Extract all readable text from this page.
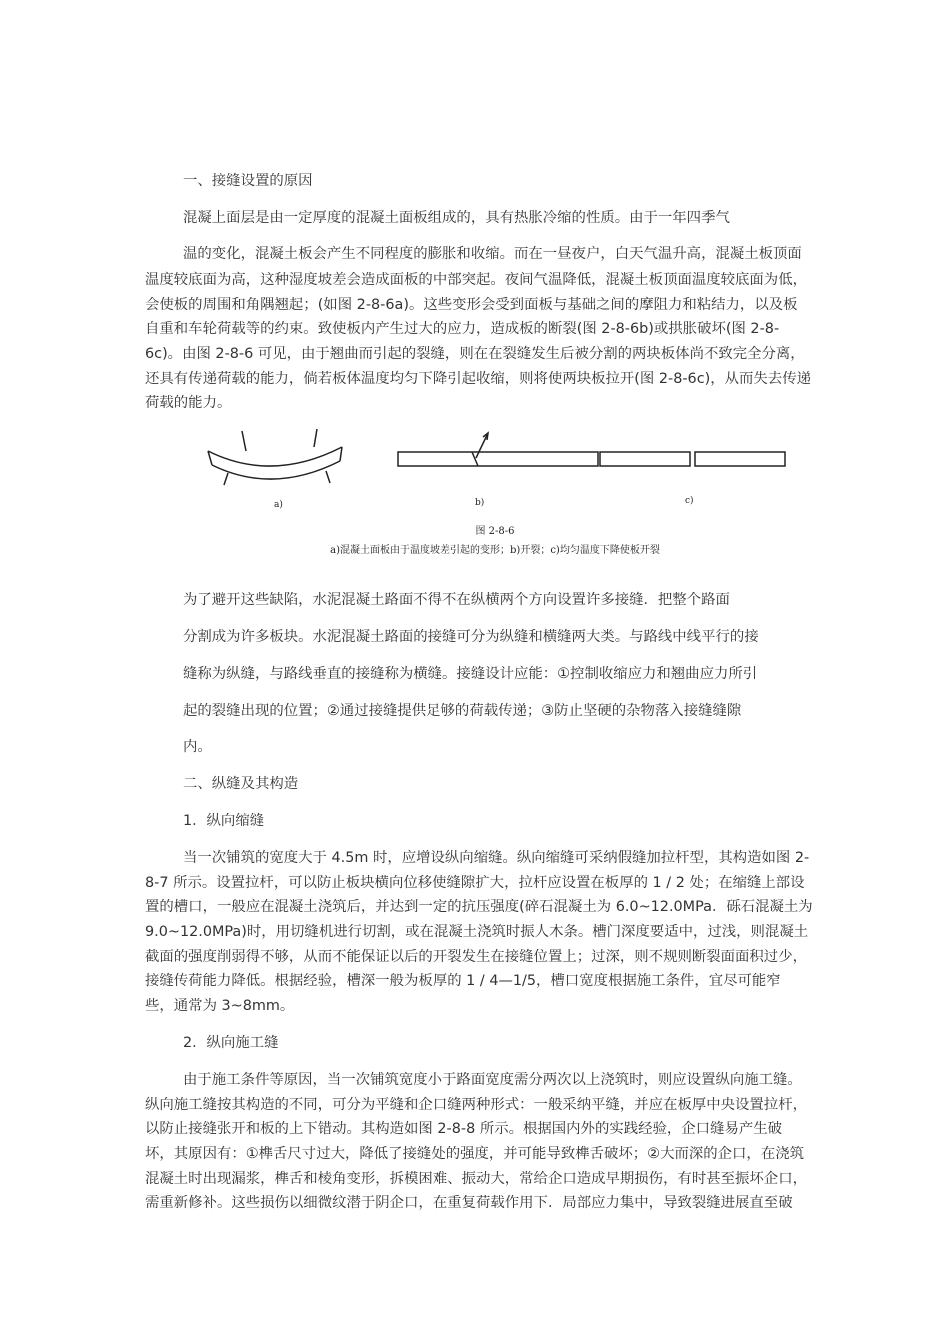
一、接缝设置的原因

混凝上面层是由一定厚度的混凝土面板组成的，具有热胀冷缩的性质。由于一年四季气

温的变化，混凝土板会产生不同程度的膨胀和收缩。而在一昼夜户，白天气温升高，混凝土板顶面

温度较底面为高，这种湿度坡差会造成面板的中部突起。夜间气温降低，混凝土板顶面温度较底面为低，

会使板的周围和角隅翘起；(如图 2-8-6a)。这些变形会受到面板与基础之间的摩阻力和粘结力，以及板

自重和车轮荷载等的约束。致使板内产生过大的应力，造成板的断裂(图 2-8-6b)或拱胀破坏(图 2-8-

6c)。由图 2-8-6 可见，由于翘曲而引起的裂缝，则在在裂缝发生后被分割的两块板体尚不致完全分离，

还具有传递荷载的能力，倘若板体温度均匀下降引起收缩，则将使两块板拉开(图 2-8-6c)，从而失去传递

荷载的能力。

a)	b)	c)
图 2-8-6
a)混凝土面板由于温度坡差引起的变形；b)开裂；c)均匀温度下降使板开裂

为了避开这些缺陷，水泥混凝土路面不得不在纵横两个方向设置许多接缝．把整个路面

分割成为许多板块。水泥混凝土路面的接缝可分为纵缝和横缝两大类。与路线中线平行的接

缝称为纵缝，与路线垂直的接缝称为横缝。接缝设计应能：①控制收缩应力和翘曲应力所引

起的裂缝出现的位置；②通过接缝提供足够的荷载传递；③防止坚硬的杂物落入接缝缝隙

内。

二、纵缝及其构造

1．纵向缩缝

当一次铺筑的宽度大于 4.5m 时，应增设纵向缩缝。纵向缩缝可采纳假缝加拉杆型，其构造如图 2-

8-7 所示。设置拉杆，可以防止板块横向位移使缝隙扩大，拉杆应设置在板厚的 1 / 2 处；在缩缝上部设

置的槽口，一般应在混凝土浇筑后，并达到一定的抗压强度(碎石混凝土为 6.0~12.0MPa．砾石混凝土为

9.0~12.0MPa)时，用切缝机进行切割，或在混凝土浇筑时振人木条。槽门深度要适中，过浅，则混凝土

截面的强度削弱得不够，从而不能保证以后的开裂发生在接缝位置上；过深，则不规则断裂面面积过少，

接缝传荷能力降低。根据经验，槽深一般为板厚的 1 / 4—1/5，槽口宽度根据施工条件，宜尽可能窄

些，通常为 3~8mm。

2．纵向施工缝

由于施工条件等原因，当一次铺筑宽度小于路面宽度需分两次以上浇筑时，则应设置纵向施工缝。

纵向施工缝按其构造的不同，可分为平缝和企口缝两种形式：一般采纳平缝，并应在板厚中央设置拉杆，

以防止接缝张开和板的上下错动。其构造如图 2-8-8 所示。根据国内外的实践经验，企口缝易产生破

坏，其原因有：①榫舌尺寸过大，降低了接缝处的强度，并可能导致榫舌破坏；②大而深的企口，在浇筑

混凝土时出现漏浆，榫舌和棱角变形，拆模困难、振动大，常给企口造成早期损伤，有时甚至振坏企口，

需重新修补。这些损伤以细微纹潜于阴企口，在重复荷载作用下．局部应力集中，导致裂缝进展直至破
